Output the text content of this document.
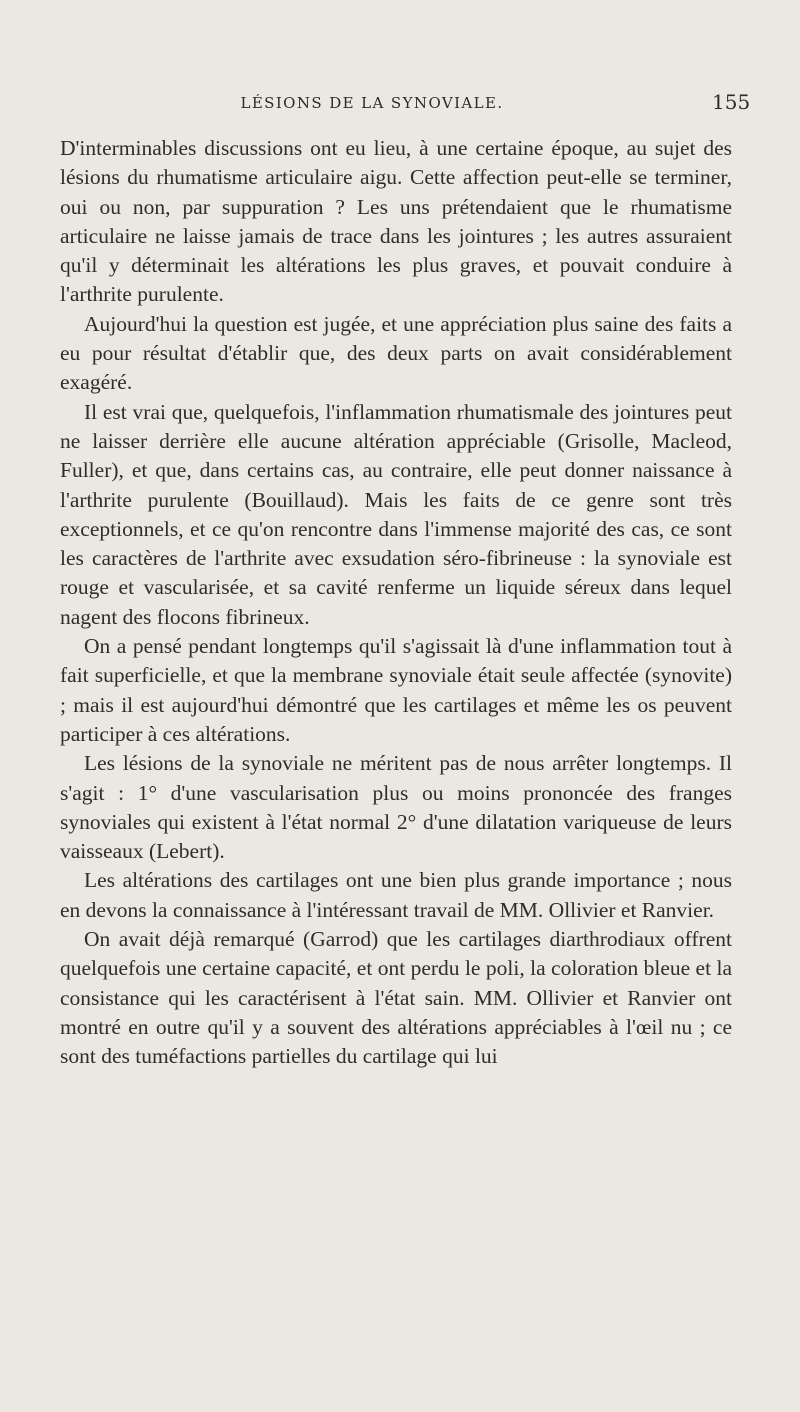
LÉSIONS DE LA SYNOVIALE.	155

D'interminables discussions ont eu lieu, à une certaine époque, au sujet des lésions du rhumatisme articulaire aigu. Cette affection peut-elle se terminer, oui ou non, par suppuration ? Les uns prétendaient que le rhumatisme articulaire ne laisse jamais de trace dans les jointures ; les autres assuraient qu'il y déterminait les altérations les plus graves, et pouvait conduire à l'arthrite purulente.

Aujourd'hui la question est jugée, et une appréciation plus saine des faits a eu pour résultat d'établir que, des deux parts on avait considérablement exagéré.

Il est vrai que, quelquefois, l'inflammation rhumatismale des jointures peut ne laisser derrière elle aucune altération appréciable (Grisolle, Macleod, Fuller), et que, dans certains cas, au contraire, elle peut donner naissance à l'arthrite purulente (Bouillaud). Mais les faits de ce genre sont très exceptionnels, et ce qu'on rencontre dans l'immense majorité des cas, ce sont les caractères de l'arthrite avec exsudation séro-fibrineuse : la synoviale est rouge et vascularisée, et sa cavité renferme un liquide séreux dans lequel nagent des flocons fibrineux.

On a pensé pendant longtemps qu'il s'agissait là d'une inflammation tout à fait superficielle, et que la membrane synoviale était seule affectée (synovite) ; mais il est aujourd'hui démontré que les cartilages et même les os peuvent participer à ces altérations.

Les lésions de la synoviale ne méritent pas de nous arrêter longtemps. Il s'agit : 1° d'une vascularisation plus ou moins prononcée des franges synoviales qui existent à l'état normal 2° d'une dilatation variqueuse de leurs vaisseaux (Lebert).

Les altérations des cartilages ont une bien plus grande importance ; nous en devons la connaissance à l'intéressant travail de MM. Ollivier et Ranvier.

On avait déjà remarqué (Garrod) que les cartilages diarthrodiaux offrent quelquefois une certaine capacité, et ont perdu le poli, la coloration bleue et la consistance qui les caractérisent à l'état sain. MM. Ollivier et Ranvier ont montré en outre qu'il y a souvent des altérations appréciables à l'œil nu ; ce sont des tuméfactions partielles du cartilage qui lui
